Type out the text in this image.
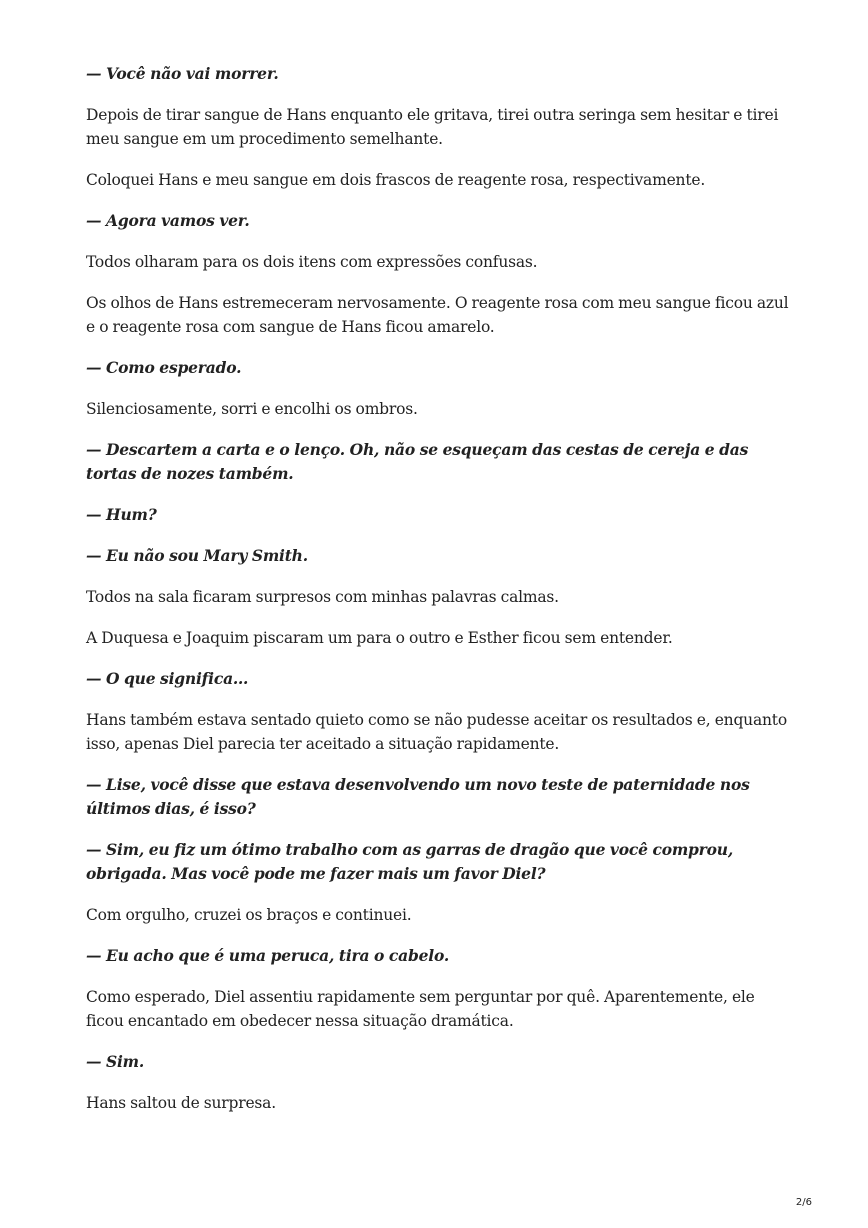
— Você não vai morrer.

Depois de tirar sangue de Hans enquanto ele gritava, tirei outra seringa sem hesitar e tirei meu sangue em um procedimento semelhante.

Coloquei Hans e meu sangue em dois frascos de reagente rosa, respectivamente.

— Agora vamos ver.

Todos olharam para os dois itens com expressões confusas.

Os olhos de Hans estremeceram nervosamente. O reagente rosa com meu sangue ficou azul e o reagente rosa com sangue de Hans ficou amarelo.

— Como esperado.

Silenciosamente, sorri e encolhi os ombros.

— Descartem a carta e o lenço. Oh, não se esqueçam das cestas de cereja e das tortas de nozes também.

— Hum?

— Eu não sou Mary Smith.

Todos na sala ficaram surpresos com minhas palavras calmas.

A Duquesa e Joaquim piscaram um para o outro e Esther ficou sem entender.

— O que significa…

Hans também estava sentado quieto como se não pudesse aceitar os resultados e, enquanto isso, apenas Diel parecia ter aceitado a situação rapidamente.

— Lise, você disse que estava desenvolvendo um novo teste de paternidade nos últimos dias, é isso?

— Sim, eu fiz um ótimo trabalho com as garras de dragão que você comprou, obrigada. Mas você pode me fazer mais um favor Diel?

Com orgulho, cruzei os braços e continuei.

— Eu acho que é uma peruca, tira o cabelo.

Como esperado, Diel assentiu rapidamente sem perguntar por quê. Aparentemente, ele ficou encantado em obedecer nessa situação dramática.

— Sim.

Hans saltou de surpresa.

2/6
